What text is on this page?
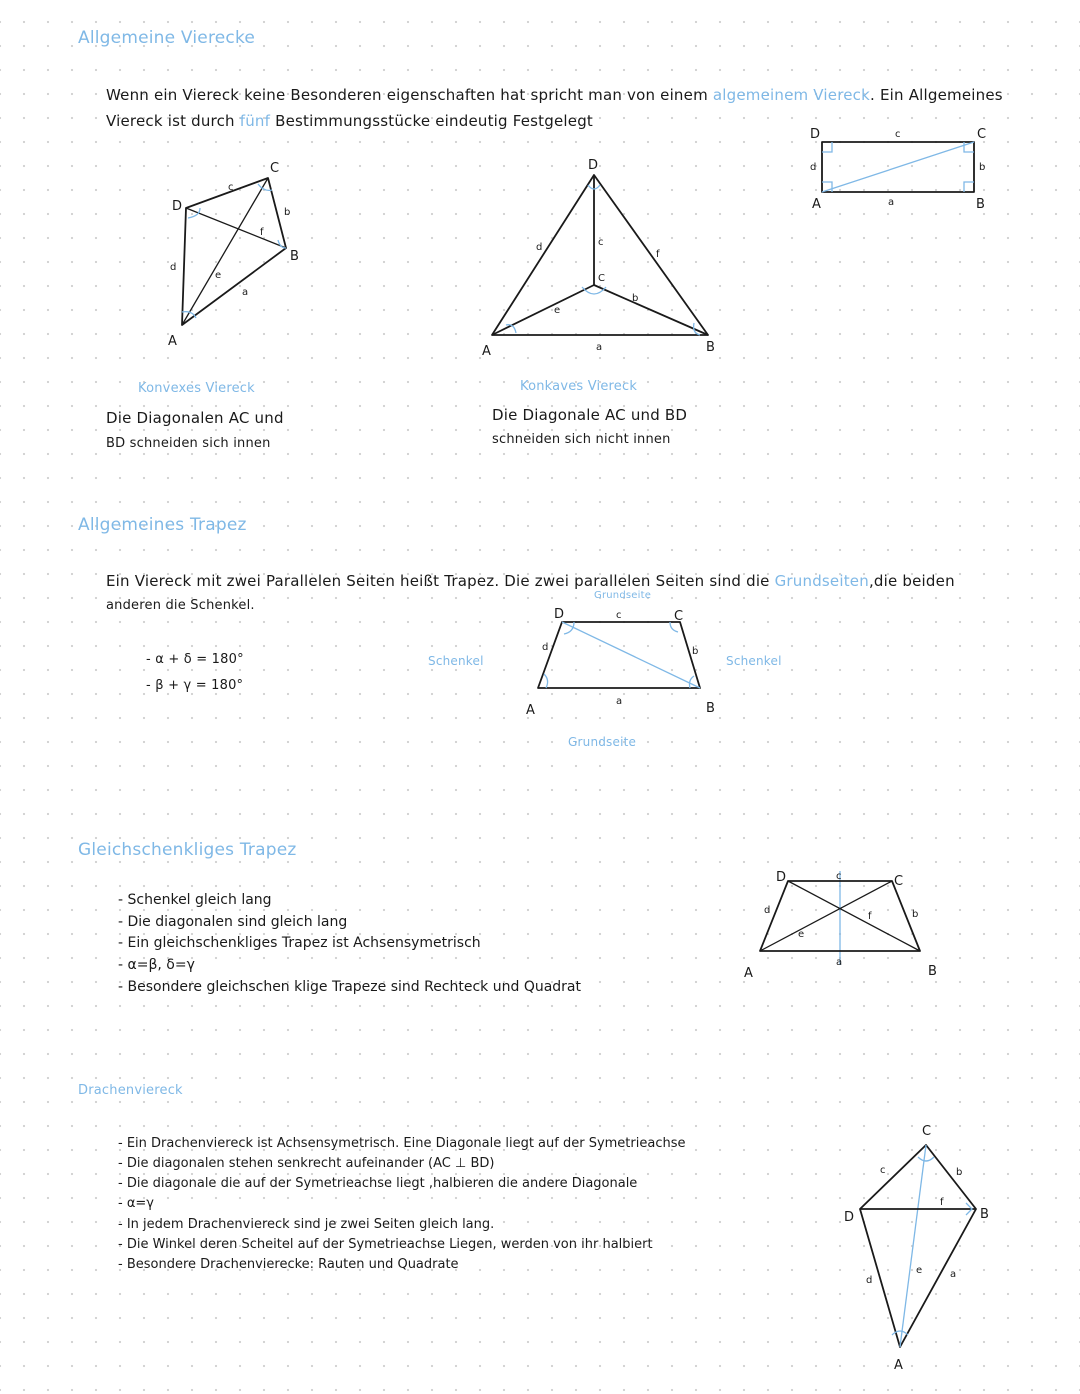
Allgemeine Vierecke
Wenn ein Viereck keine Besonderen eigenschaften hat spricht man von einem algemeinem Viereck. Ein Allgemeines
Viereck ist durch fünf Bestimmungsstücke eindeutig Festgelegt
D	C
A	B
c
b
d
a
A
D
C
B
d
c
b
a
e
f
Konvexes Viereck
Die Diagonalen AC und
BD schneiden sich innen
A
D
B
C
a
d	c
e
b
f
Konkaves Viereck
Die Diagonale AC und BD
schneiden sich nicht innen
Allgemeines Trapez
Ein Viereck mit zwei Parallelen Seiten heißt Trapez. Die zwei parallelen Seiten sind die Grundseiten,die beiden
anderen die Schenkel.
- α + δ = 180°
- β + γ = 180°
Schenkel	Schenkel
Grundseite
Grundseite
A	B
C
D	c
a
d	b
Gleichschenkliges Trapez
- Schenkel gleich lang
- Die diagonalen sind gleich lang
- Ein gleichschenkliges Trapez ist Achsensymetrisch
- α=β, δ=γ
- Besondere gleichschen klige Trapeze sind Rechteck und Quadrat
A	B
C
D	c
a
d	b
e
f
Drachenviereck
- Ein Drachenviereck ist Achsensymetrisch. Eine Diagonale liegt auf der Symetrieachse
- Die diagonalen stehen senkrecht aufeinander (AC ⊥ BD)
- Die diagonale die auf der Symetrieachse liegt ,halbieren die andere Diagonale
- α=γ
- In jedem Drachenviereck sind je zwei Seiten gleich lang.
- Die Winkel deren Scheitel auf der Symetrieachse Liegen, werden von ihr halbiert
- Besondere Drachenvierecke: Rauten und Quadrate
C
D	B
A
c	b
d
a
e
f
